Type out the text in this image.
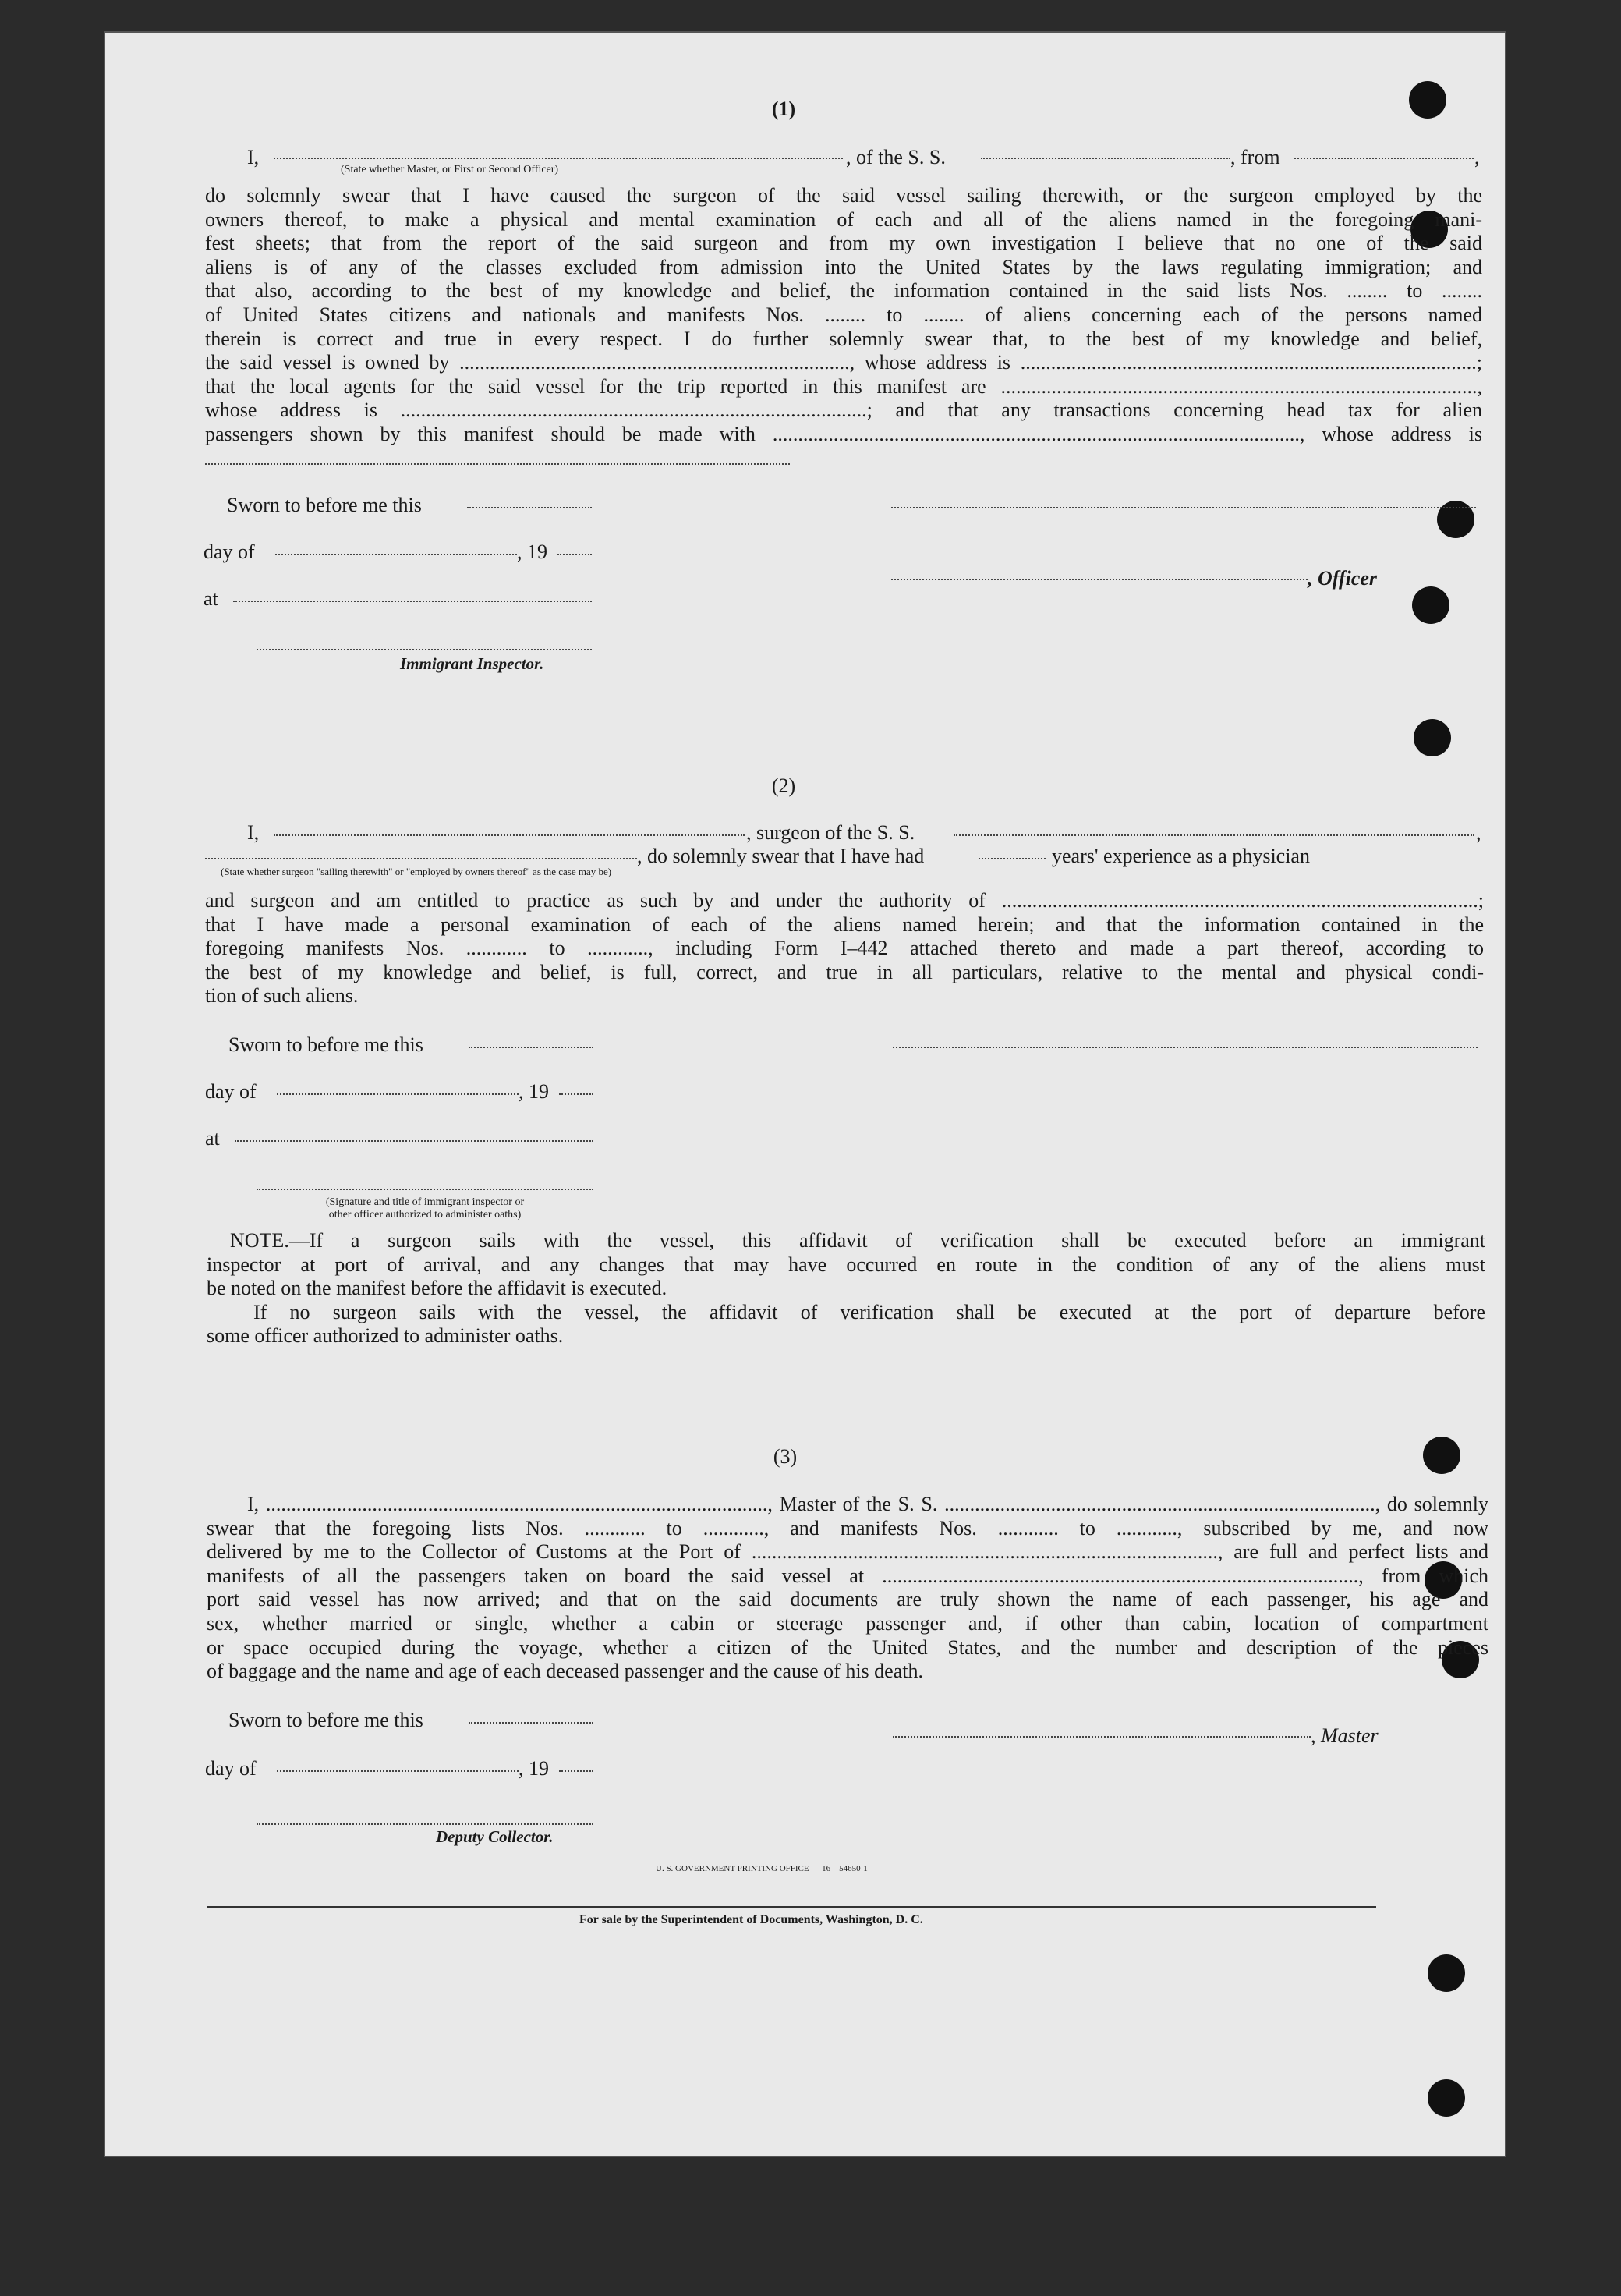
(1)
I,	, of the S. S.	, from	,
(State whether Master, or First or Second Officer)
do solemnly swear that I have caused the surgeon of the said vessel sailing therewith, or the surgeon employed by the
owners thereof, to make a physical and mental examination of each and all of the aliens named in the foregoing mani-
fest sheets; that from the report of the said surgeon and from my own investigation I believe that no one of the said
aliens is of any of the classes excluded from admission into the United States by the laws regulating immigration; and
that also, according to the best of my knowledge and belief, the information contained in the said lists Nos. ........ to ........
of United States citizens and nationals and manifests Nos. ........ to ........ of aliens concerning each of the persons named
therein is correct and true in every respect. I do further solemnly swear that, to the best of my knowledge and belief,
the said vessel is owned by ............................................................................., whose address is ..........................................................................................;
that the local agents for the said vessel for the trip reported in this manifest are ..............................................................................................,
whose address is ............................................................................................; and that any transactions concerning head tax for alien
passengers shown by this manifest should be made with ........................................................................................................, whose address is
Sworn to before me this
day of	, 19
, Officer
at
Immigrant Inspector.
(2)
I,	, surgeon of the S. S.	,
, do solemnly swear that I have had	years' experience as a physician
(State whether surgeon "sailing therewith" or "employed by owners thereof" as the case may be)
and surgeon and am entitled to practice as such by and under the authority of ..............................................................................................;
that I have made a personal examination of each of the aliens named herein; and that the information contained in the
foregoing manifests Nos. ............ to ............, including Form I–442 attached thereto and made a part thereof, according to
the best of my knowledge and belief, is full, correct, and true in all particulars, relative to the mental and physical condi-
tion of such aliens.
Sworn to before me this
day of	, 19
at
(Signature and title of immigrant inspector or
other officer authorized to administer oaths)
NOTE.—If a surgeon sails with the vessel, this affidavit of verification shall be executed before an immigrant
inspector at port of arrival, and any changes that may have occurred en route in the condition of any of the aliens must
be noted on the manifest before the affidavit is executed.
If no surgeon sails with the vessel, the affidavit of verification shall be executed at the port of departure before
some officer authorized to administer oaths.
(3)
I, ..................................................................................................., Master of the S. S. ....................................................................................., do solemnly
swear that the foregoing lists Nos. ............ to ............, and manifests Nos. ............ to ............, subscribed by me, and now
delivered by me to the Collector of Customs at the Port of ............................................................................................, are full and perfect lists and
manifests of all the passengers taken on board the said vessel at .............................................................................................., from which
port said vessel has now arrived; and that on the said documents are truly shown the name of each passenger, his age and
sex, whether married or single, whether a cabin or steerage passenger and, if other than cabin, location of compartment
or space occupied during the voyage, whether a citizen of the United States, and the number and description of the pieces
of baggage and the name and age of each deceased passenger and the cause of his death.
Sworn to before me this
, Master
day of	, 19
Deputy Collector.
U. S. GOVERNMENT PRINTING OFFICE      16—54650-1
For sale by the Superintendent of Documents, Washington, D. C.
